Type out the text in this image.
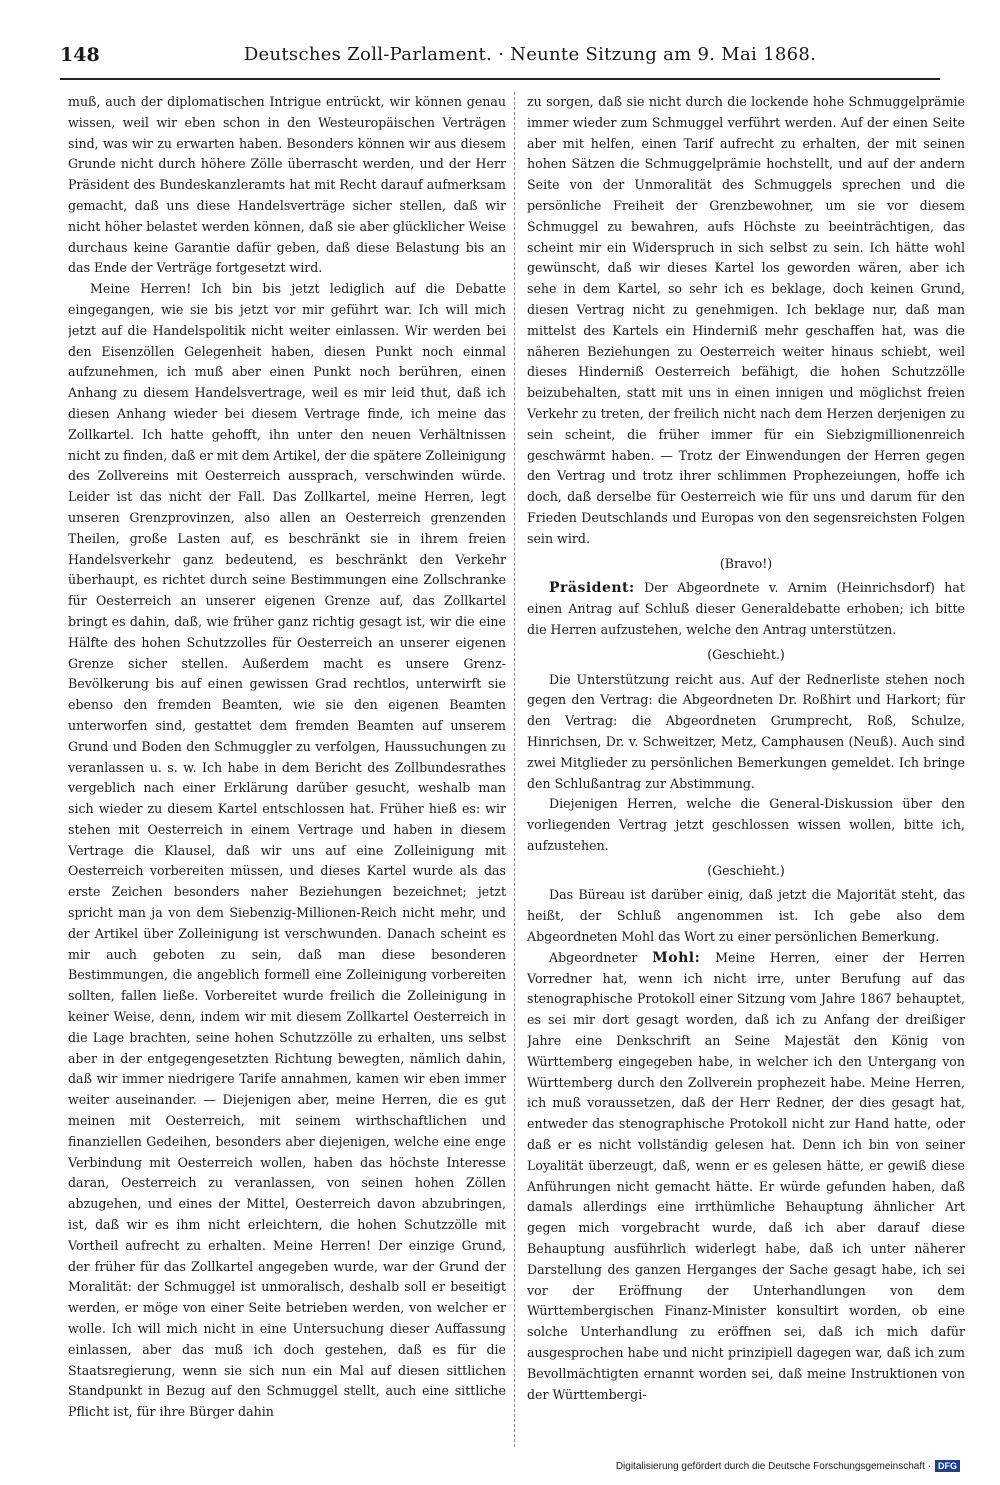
148	Deutsches Zoll-Parlament. · Neunte Sitzung am 9. Mai 1868.

muß, auch der diplomatischen Intrigue entrückt, wir können genau wissen, weil wir eben schon in den Westeuropäischen Verträgen sind, was wir zu erwarten haben. Besonders können wir aus diesem Grunde nicht durch höhere Zölle überrascht werden, und der Herr Präsident des Bundeskanzleramts hat mit Recht darauf aufmerksam gemacht, daß uns diese Handelsverträge sicher stellen, daß wir nicht höher belastet werden können, daß sie aber glücklicher Weise durchaus keine Garantie dafür geben, daß diese Belastung bis an das Ende der Verträge fortgesetzt wird.

Meine Herren! Ich bin bis jetzt lediglich auf die Debatte eingegangen, wie sie bis jetzt vor mir geführt war. Ich will mich jetzt auf die Handelspolitik nicht weiter einlassen. Wir werden bei den Eisenzöllen Gelegenheit haben, diesen Punkt noch einmal aufzunehmen, ich muß aber einen Punkt noch berühren, einen Anhang zu diesem Handelsvertrage, weil es mir leid thut, daß ich diesen Anhang wieder bei diesem Vertrage finde, ich meine das Zollkartel. Ich hatte gehofft, ihn unter den neuen Verhältnissen nicht zu finden, daß er mit dem Artikel, der die spätere Zolleinigung des Zollvereins mit Oesterreich aussprach, verschwinden würde. Leider ist das nicht der Fall. Das Zollkartel, meine Herren, legt unseren Grenzprovinzen, also allen an Oesterreich grenzenden Theilen, große Lasten auf, es beschränkt sie in ihrem freien Handelsverkehr ganz bedeutend, es beschränkt den Verkehr überhaupt, es richtet durch seine Bestimmungen eine Zollschranke für Oesterreich an unserer eigenen Grenze auf, das Zollkartel bringt es dahin, daß, wie früher ganz richtig gesagt ist, wir die eine Hälfte des hohen Schutzzolles für Oesterreich an unserer eigenen Grenze sicher stellen. Außerdem macht es unsere Grenz-Bevölkerung bis auf einen gewissen Grad rechtlos, unterwirft sie ebenso den fremden Beamten, wie sie den eigenen Beamten unterworfen sind, gestattet dem fremden Beamten auf unserem Grund und Boden den Schmuggler zu verfolgen, Haussuchungen zu veranlassen u. s. w. Ich habe in dem Bericht des Zollbundesrathes vergeblich nach einer Erklärung darüber gesucht, weshalb man sich wieder zu diesem Kartel entschlossen hat. Früher hieß es: wir stehen mit Oesterreich in einem Vertrage und haben in diesem Vertrage die Klausel, daß wir uns auf eine Zolleinigung mit Oesterreich vorbereiten müssen, und dieses Kartel wurde als das erste Zeichen besonders naher Beziehungen bezeichnet; jetzt spricht man ja von dem Siebenzig-Millionen-Reich nicht mehr, und der Artikel über Zolleinigung ist verschwunden. Danach scheint es mir auch geboten zu sein, daß man diese besonderen Bestimmungen, die angeblich formell eine Zolleinigung vorbereiten sollten, fallen ließe. Vorbereitet wurde freilich die Zolleinigung in keiner Weise, denn, indem wir mit diesem Zollkartel Oesterreich in die Lage brachten, seine hohen Schutzzölle zu erhalten, uns selbst aber in der entgegengesetzten Richtung bewegten, nämlich dahin, daß wir immer niedrigere Tarife annahmen, kamen wir eben immer weiter auseinander. — Diejenigen aber, meine Herren, die es gut meinen mit Oesterreich, mit seinem wirthschaftlichen und finanziellen Gedeihen, besonders aber diejenigen, welche eine enge Verbindung mit Oesterreich wollen, haben das höchste Interesse daran, Oesterreich zu veranlassen, von seinen hohen Zöllen abzugehen, und eines der Mittel, Oesterreich davon abzubringen, ist, daß wir es ihm nicht erleichtern, die hohen Schutzzölle mit Vortheil aufrecht zu erhalten. Meine Herren! Der einzige Grund, der früher für das Zollkartel angegeben wurde, war der Grund der Moralität: der Schmuggel ist unmoralisch, deshalb soll er beseitigt werden, er möge von einer Seite betrieben werden, von welcher er wolle. Ich will mich nicht in eine Untersuchung dieser Auffassung einlassen, aber das muß ich doch gestehen, daß es für die Staatsregierung, wenn sie sich nun ein Mal auf diesen sittlichen Standpunkt in Bezug auf den Schmuggel stellt, auch eine sittliche Pflicht ist, für ihre Bürger dahin

zu sorgen, daß sie nicht durch die lockende hohe Schmuggelprämie immer wieder zum Schmuggel verführt werden. Auf der einen Seite aber mit helfen, einen Tarif aufrecht zu erhalten, der mit seinen hohen Sätzen die Schmuggelprämie hochstellt, und auf der andern Seite von der Unmoralität des Schmuggels sprechen und die persönliche Freiheit der Grenzbewohner, um sie vor diesem Schmuggel zu bewahren, aufs Höchste zu beeinträchtigen, das scheint mir ein Widerspruch in sich selbst zu sein. Ich hätte wohl gewünscht, daß wir dieses Kartel los geworden wären, aber ich sehe in dem Kartel, so sehr ich es beklage, doch keinen Grund, diesen Vertrag nicht zu genehmigen. Ich beklage nur, daß man mittelst des Kartels ein Hinderniß mehr geschaffen hat, was die näheren Beziehungen zu Oesterreich weiter hinaus schiebt, weil dieses Hinderniß Oesterreich befähigt, die hohen Schutzzölle beizubehalten, statt mit uns in einen innigen und möglichst freien Verkehr zu treten, der freilich nicht nach dem Herzen derjenigen zu sein scheint, die früher immer für ein Siebzigmillionenreich geschwärmt haben. — Trotz der Einwendungen der Herren gegen den Vertrag und trotz ihrer schlimmen Prophezeiungen, hoffe ich doch, daß derselbe für Oesterreich wie für uns und darum für den Frieden Deutschlands und Europas von den segensreichsten Folgen sein wird.

(Bravo!)

Präsident: Der Abgeordnete v. Arnim (Heinrichsdorf) hat einen Antrag auf Schluß dieser Generaldebatte erhoben; ich bitte die Herren aufzustehen, welche den Antrag unterstützen.

(Geschieht.)

Die Unterstützung reicht aus. Auf der Rednerliste stehen noch gegen den Vertrag: die Abgeordneten Dr. Roßhirt und Harkort; für den Vertrag: die Abgeordneten Grumprecht, Roß, Schulze, Hinrichsen, Dr. v. Schweitzer, Metz, Camphausen (Neuß). Auch sind zwei Mitglieder zu persönlichen Bemerkungen gemeldet. Ich bringe den Schlußantrag zur Abstimmung.

Diejenigen Herren, welche die General-Diskussion über den vorliegenden Vertrag jetzt geschlossen wissen wollen, bitte ich, aufzustehen.

(Geschieht.)

Das Büreau ist darüber einig, daß jetzt die Majorität steht, das heißt, der Schluß angenommen ist. Ich gebe also dem Abgeordneten Mohl das Wort zu einer persönlichen Bemerkung.

Abgeordneter Mohl: Meine Herren, einer der Herren Vorredner hat, wenn ich nicht irre, unter Berufung auf das stenographische Protokoll einer Sitzung vom Jahre 1867 behauptet, es sei mir dort gesagt worden, daß ich zu Anfang der dreißiger Jahre eine Denkschrift an Seine Majestät den König von Württemberg eingegeben habe, in welcher ich den Untergang von Württemberg durch den Zollverein prophezeit habe. Meine Herren, ich muß voraussetzen, daß der Herr Redner, der dies gesagt hat, entweder das stenographische Protokoll nicht zur Hand hatte, oder daß er es nicht vollständig gelesen hat. Denn ich bin von seiner Loyalität überzeugt, daß, wenn er es gelesen hätte, er gewiß diese Anführungen nicht gemacht hätte. Er würde gefunden haben, daß damals allerdings eine irrthümliche Behauptung ähnlicher Art gegen mich vorgebracht wurde, daß ich aber darauf diese Behauptung ausführlich widerlegt habe, daß ich unter näherer Darstellung des ganzen Herganges der Sache gesagt habe, ich sei vor der Eröffnung der Unterhandlungen von dem Württembergischen Finanz-Minister konsultirt worden, ob eine solche Unterhandlung zu eröffnen sei, daß ich mich dafür ausgesprochen habe und nicht prinzipiell dagegen war, daß ich zum Bevollmächtigten ernannt worden sei, daß meine Instruktionen von der Württembergi-

Digitalisierung gefördert durch die Deutsche Forschungsgemeinschaft · DFG
